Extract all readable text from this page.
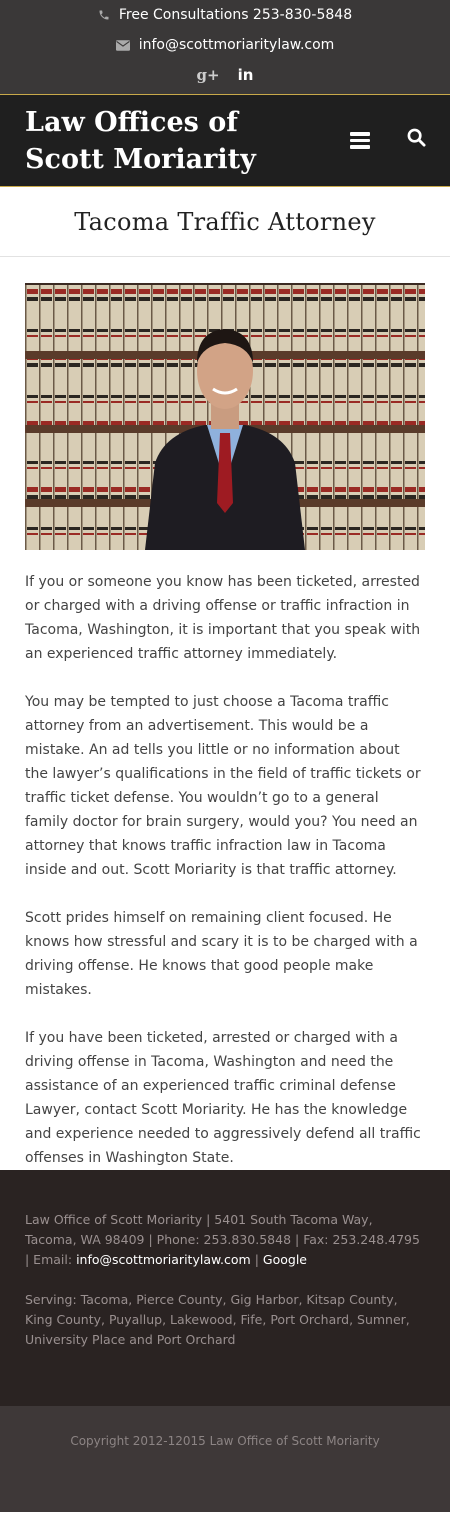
Free Consultations 253-830-5848
info@scottmoriaritylaw.com
g+ in
Law Offices of Scott Moriarity
Tacoma Traffic Attorney

If you or someone you know has been ticketed, arrested or charged with a driving offense or traffic infraction in Tacoma, Washington, it is important that you speak with an experienced traffic attorney immediately.

You may be tempted to just choose a Tacoma traffic attorney from an advertisement. This would be a mistake. An ad tells you little or no information about the lawyer’s qualifications in the field of traffic tickets or traffic ticket defense. You wouldn’t go to a general family doctor for brain surgery, would you? You need an attorney that knows traffic infraction law in Tacoma inside and out. Scott Moriarity is that traffic attorney.

Scott prides himself on remaining client focused. He knows how stressful and scary it is to be charged with a driving offense. He knows that good people make mistakes.

If you have been ticketed, arrested or charged with a driving offense in Tacoma, Washington and need the assistance of an experienced traffic criminal defense Lawyer, contact Scott Moriarity. He has the knowledge and experience needed to aggressively defend all traffic offenses in Washington State.

Law Office of Scott Moriarity | 5401 South Tacoma Way, Tacoma, WA 98409 | Phone: 253.830.5848 | Fax: 253.248.4795 | Email: info@scottmoriaritylaw.com | Google
Serving: Tacoma, Pierce County, Gig Harbor, Kitsap County, King County, Puyallup, Lakewood, Fife, Port Orchard, Sumner, University Place and Port Orchard
Copyright 2012-12015 Law Office of Scott Moriarity
